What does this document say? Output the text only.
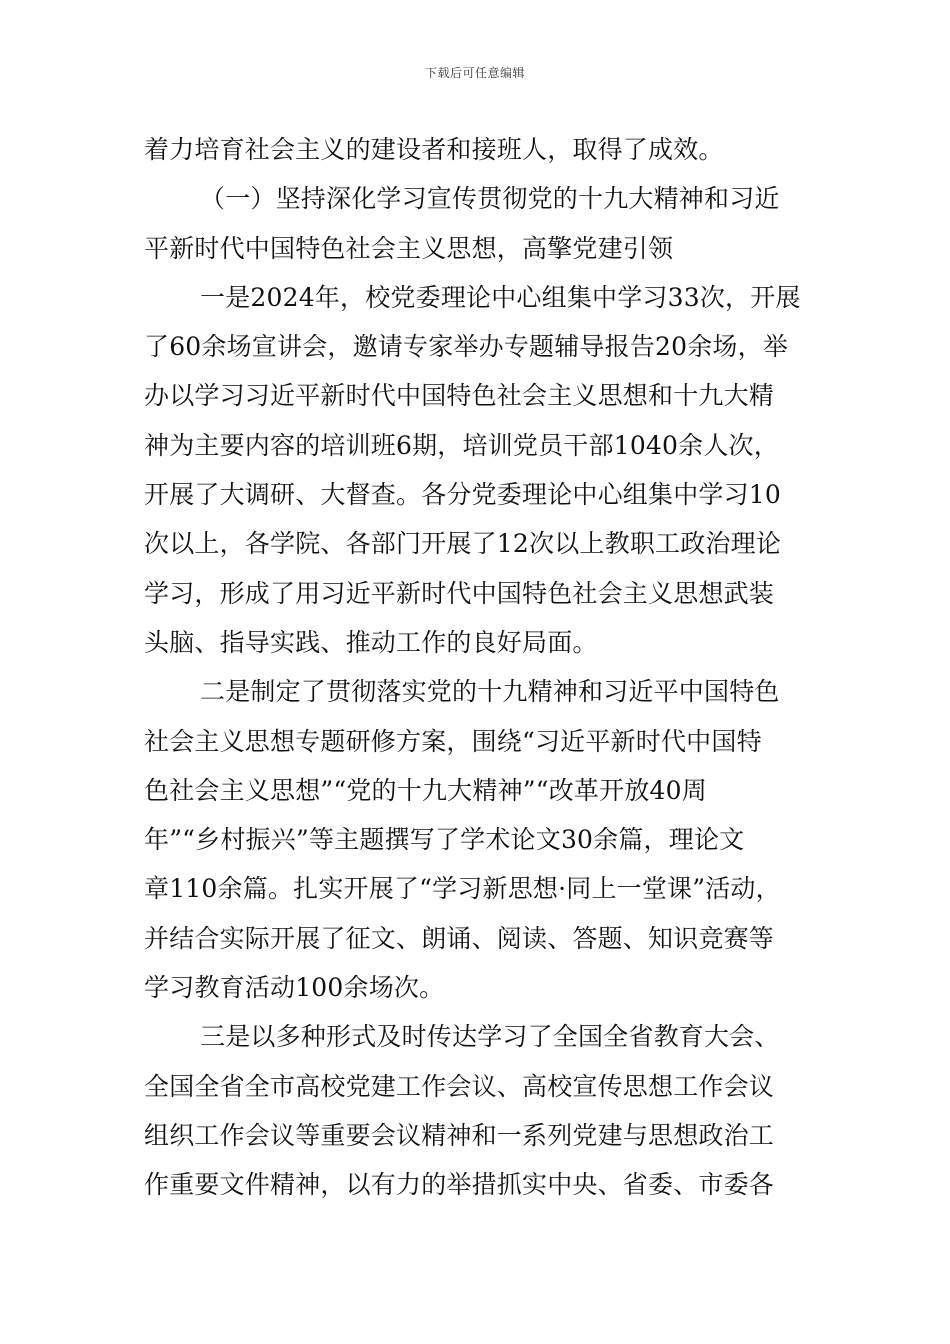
下载后可任意编辑
着力培育社会主义的建设者和接班人，取得了成效。
（一）坚持深化学习宣传贯彻党的十九大精神和习近
平新时代中国特色社会主义思想，高擎党建引领
一是2024年，校党委理论中心组集中学习33次，开展
了60余场宣讲会，邀请专家举办专题辅导报告20余场，举
办以学习习近平新时代中国特色社会主义思想和十九大精
神为主要内容的培训班6期，培训党员干部1040余人次，
开展了大调研、大督查。各分党委理论中心组集中学习10
次以上，各学院、各部门开展了12次以上教职工政治理论
学习，形成了用习近平新时代中国特色社会主义思想武装
头脑、指导实践、推动工作的良好局面。
二是制定了贯彻落实党的十九精神和习近平中国特色
社会主义思想专题研修方案，围绕“习近平新时代中国特
色社会主义思想”“党的十九大精神”“改革开放40周
年”“乡村振兴”等主题撰写了学术论文30余篇，理论文
章110余篇。扎实开展了“学习新思想·同上一堂课”活动，
并结合实际开展了征文、朗诵、阅读、答题、知识竞赛等
学习教育活动100余场次。
三是以多种形式及时传达学习了全国全省教育大会、
全国全省全市高校党建工作会议、高校宣传思想工作会议
组织工作会议等重要会议精神和一系列党建与思想政治工
作重要文件精神，以有力的举措抓实中央、省委、市委各
